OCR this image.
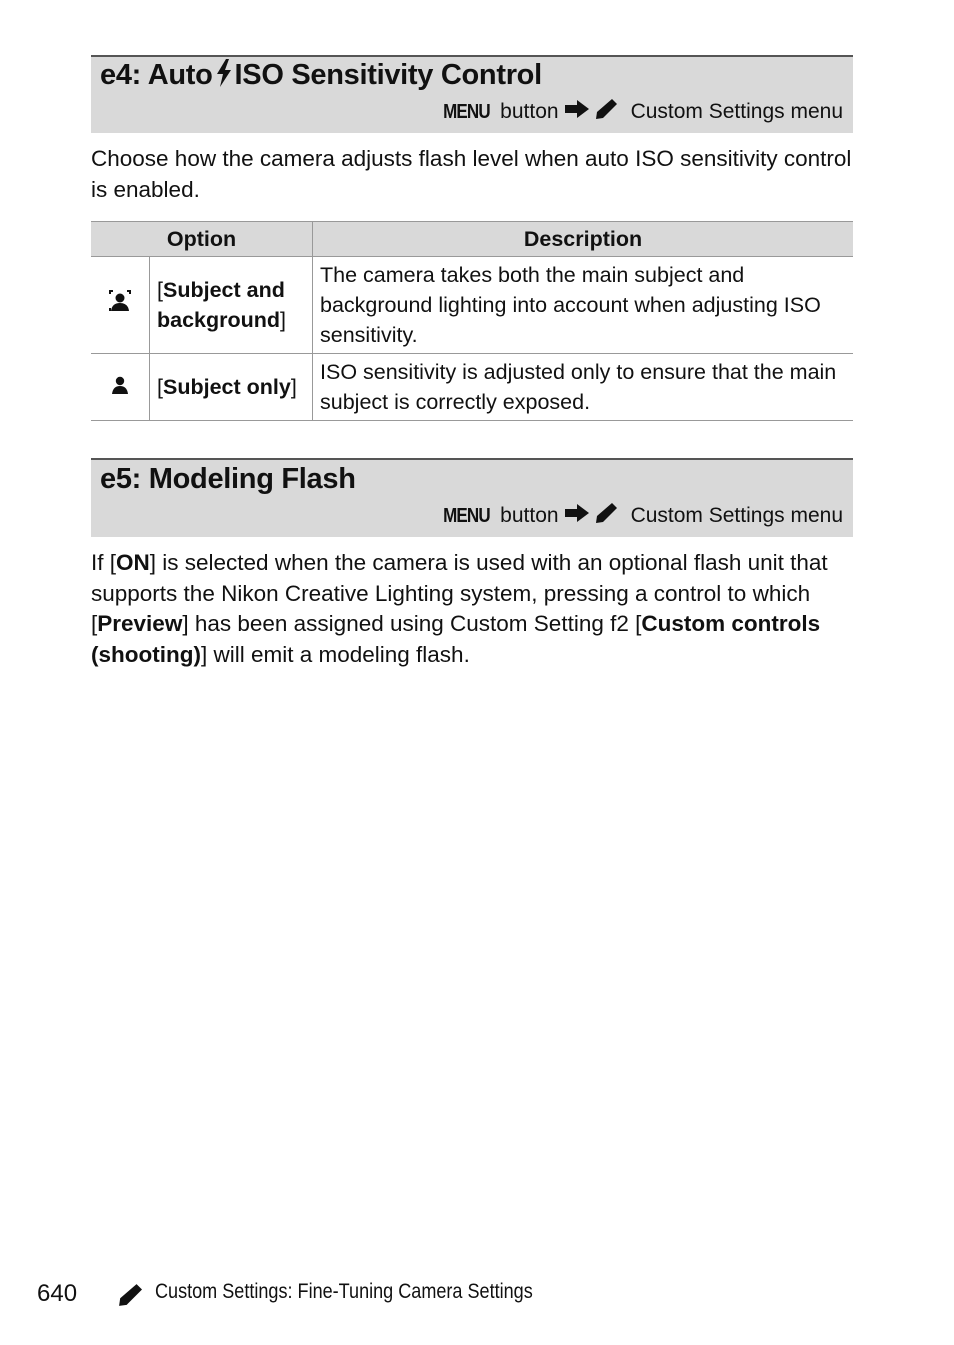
e4: Auto ISO Sensitivity Control
MENU button	Custom Settings menu
Choose how the camera adjusts flash level when auto ISO sensitivity control is enabled.
Option		Description
	[Subject and background]	The camera takes both the main subject and background lighting into account when adjusting ISO sensitivity.
	[Subject only]	ISO sensitivity is adjusted only to ensure that the main subject is correctly exposed.
e5: Modeling Flash
MENU button	Custom Settings menu
If [ON] is selected when the camera is used with an optional flash unit that supports the Nikon Creative Lighting system, pressing a control to which [Preview] has been assigned using Custom Setting f2 [Custom controls (shooting)] will emit a modeling flash.
640	Custom Settings: Fine-Tuning Camera Settings
